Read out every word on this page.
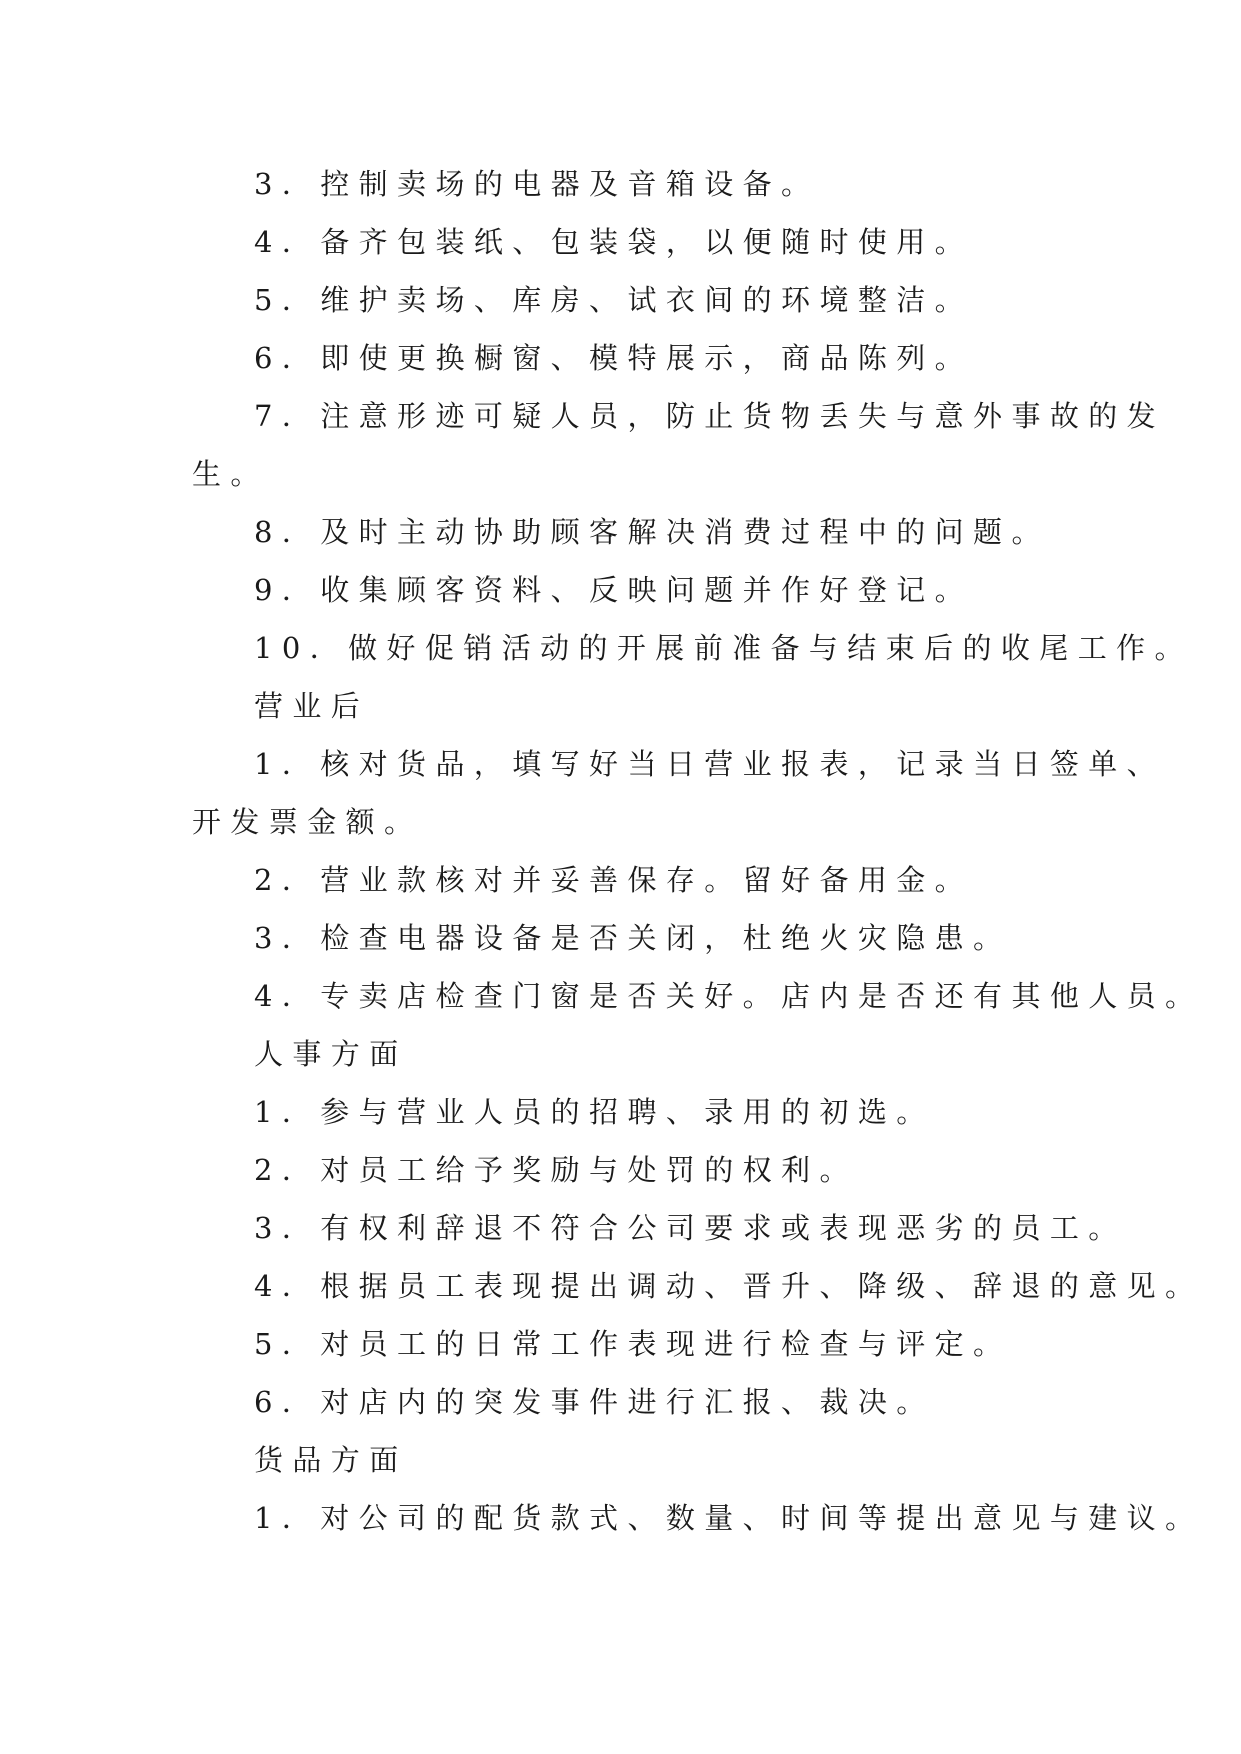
3．控制卖场的电器及音箱设备。
4．备齐包装纸、包装袋，以便随时使用。
5．维护卖场、库房、试衣间的环境整洁。
6．即使更换橱窗、模特展示，商品陈列。
7．注意形迹可疑人员，防止货物丢失与意外事故的发
生。
8．及时主动协助顾客解决消费过程中的问题。
9．收集顾客资料、反映问题并作好登记。
10．做好促销活动的开展前准备与结束后的收尾工作。
营业后
1．核对货品，填写好当日营业报表，记录当日签单、
开发票金额。
2．营业款核对并妥善保存。留好备用金。
3．检查电器设备是否关闭，杜绝火灾隐患。
4．专卖店检查门窗是否关好。店内是否还有其他人员。
人事方面
1．参与营业人员的招聘、录用的初选。
2．对员工给予奖励与处罚的权利。
3．有权利辞退不符合公司要求或表现恶劣的员工。
4．根据员工表现提出调动、晋升、降级、辞退的意见。
5．对员工的日常工作表现进行检查与评定。
6．对店内的突发事件进行汇报、裁决。
货品方面
1．对公司的配货款式、数量、时间等提出意见与建议。
